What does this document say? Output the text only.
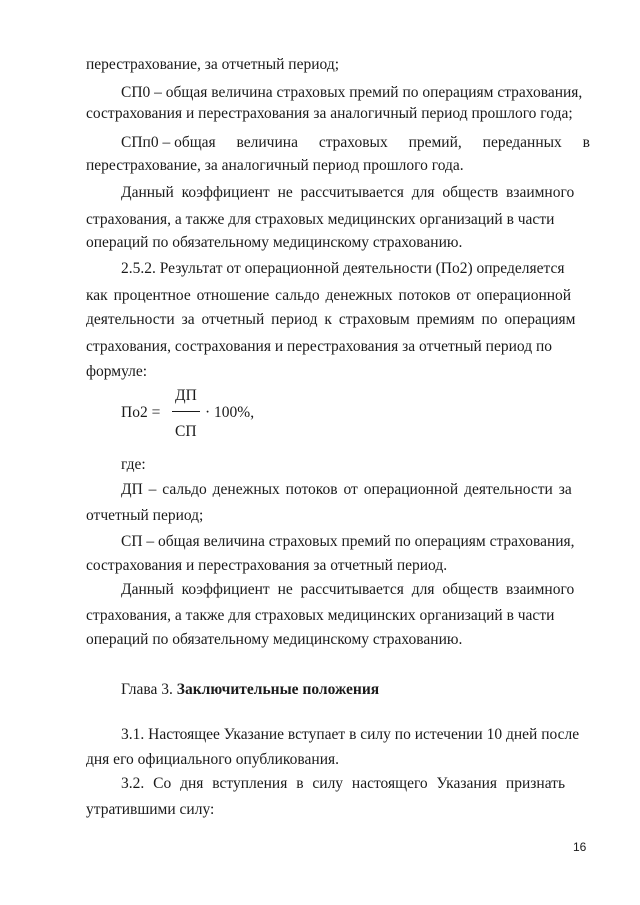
перестрахование, за отчетный период;

СП0 – общая величина страховых премий по операциям страхования,

сострахования и перестрахования за аналогичный период прошлого года;

СПп0 – общая величина страховых премий, переданных в

перестрахование, за аналогичный период прошлого года.

Данный коэффициент не рассчитывается для обществ взаимного

страхования, а также для страховых медицинских организаций в части

операций по обязательному медицинскому страхованию.

2.5.2. Результат от операционной деятельности (По2) определяется

как процентное отношение сальдо денежных потоков от операционной

деятельности за отчетный период к страховым премиям по операциям

страхования, сострахования и перестрахования за отчетный период по

формуле:

По2 =
ДП
СП
· 100%,

где:

ДП – сальдо денежных потоков от операционной деятельности за

отчетный период;

СП – общая величина страховых премий по операциям страхования,

сострахования и перестрахования за отчетный период.

Данный коэффициент не рассчитывается для обществ взаимного

страхования, а также для страховых медицинских организаций в части

операций по обязательному медицинскому страхованию.

Глава 3. Заключительные положения

3.1. Настоящее Указание вступает в силу по истечении 10 дней после

дня его официального опубликования.

3.2. Со дня вступления в силу настоящего Указания признать

утратившими силу:

16
